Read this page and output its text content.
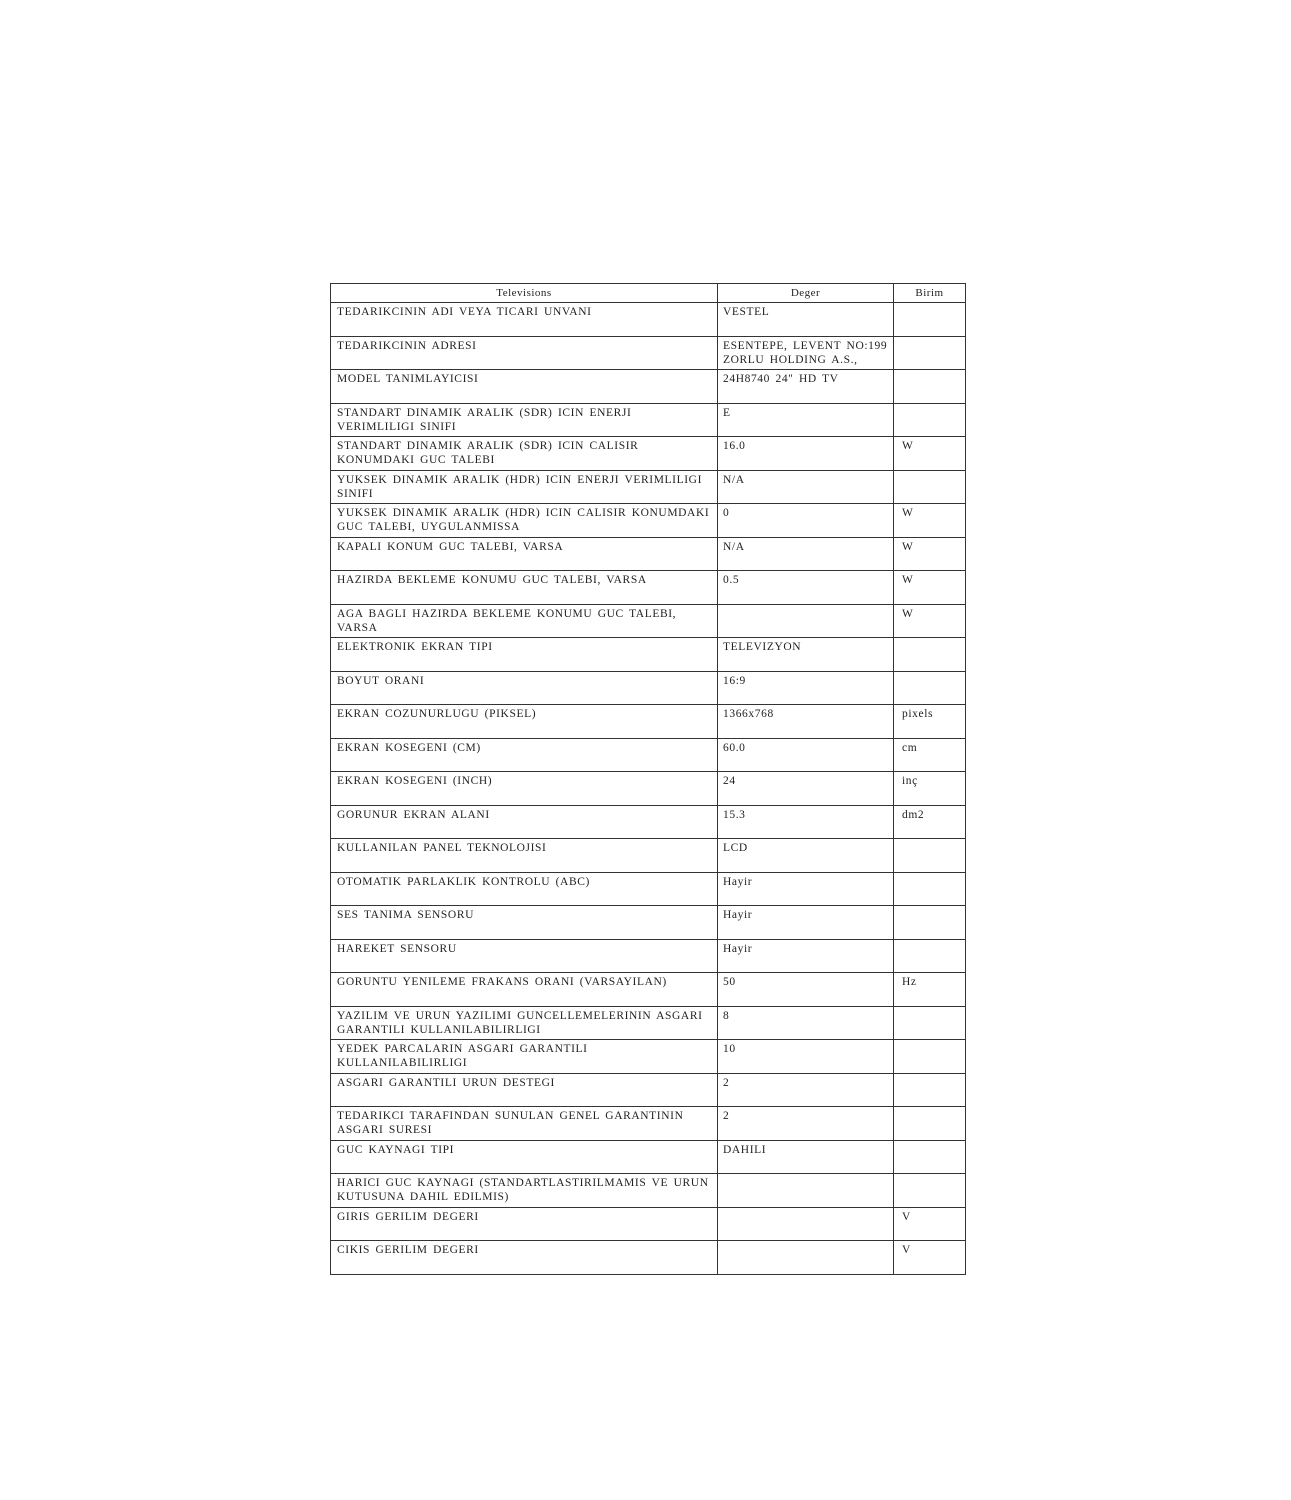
Televisions	Deger	Birim
TEDARIKCININ ADI VEYA TICARI UNVANI	VESTEL	
TEDARIKCININ ADRESI	ESENTEPE, LEVENT NO:199 ZORLU HOLDING A.S.,	
MODEL TANIMLAYICISI	24H8740 24" HD TV	
STANDART DINAMIK ARALIK (SDR) ICIN ENERJI VERIMLILIGI SINIFI	E	
STANDART DINAMIK ARALIK (SDR) ICIN CALISIR KONUMDAKI GUC TALEBI	16.0	W
YUKSEK DINAMIK ARALIK (HDR) ICIN ENERJI VERIMLILIGI SINIFI	N/A	
YUKSEK DINAMIK ARALIK (HDR) ICIN CALISIR KONUMDAKI GUC TALEBI, UYGULANMISSA	0	W
KAPALI KONUM GUC TALEBI, VARSA	N/A	W
HAZIRDA BEKLEME KONUMU GUC TALEBI, VARSA	0.5	W
AGA BAGLI HAZIRDA BEKLEME KONUMU GUC TALEBI, VARSA		W
ELEKTRONIK EKRAN TIPI	TELEVIZYON	
BOYUT ORANI	16:9	
EKRAN COZUNURLUGU (PIKSEL)	1366x768	pixels
EKRAN KOSEGENI (CM)	60.0	cm
EKRAN KOSEGENI (INCH)	24	inç
GORUNUR EKRAN ALANI	15.3	dm2
KULLANILAN PANEL TEKNOLOJISI	LCD	
OTOMATIK PARLAKLIK KONTROLU (ABC)	Hayir	
SES TANIMA SENSORU	Hayir	
HAREKET SENSORU	Hayir	
GORUNTU YENILEME FRAKANS ORANI (VARSAYILAN)	50	Hz
YAZILIM VE URUN YAZILIMI GUNCELLEMELERININ ASGARI GARANTILI KULLANILABILIRLIGI	8	
YEDEK PARCALARIN ASGARI GARANTILI KULLANILABILIRLIGI	10	
ASGARI GARANTILI URUN DESTEGI	2	
TEDARIKCI TARAFINDAN SUNULAN GENEL GARANTININ ASGARI SURESI	2	
GUC KAYNAGI TIPI	DAHILI	
HARICI GUC KAYNAGI (STANDARTLASTIRILMAMIS VE URUN KUTUSUNA DAHIL EDILMIS)		
GIRIS GERILIM DEGERI		V
CIKIS GERILIM DEGERI		V
